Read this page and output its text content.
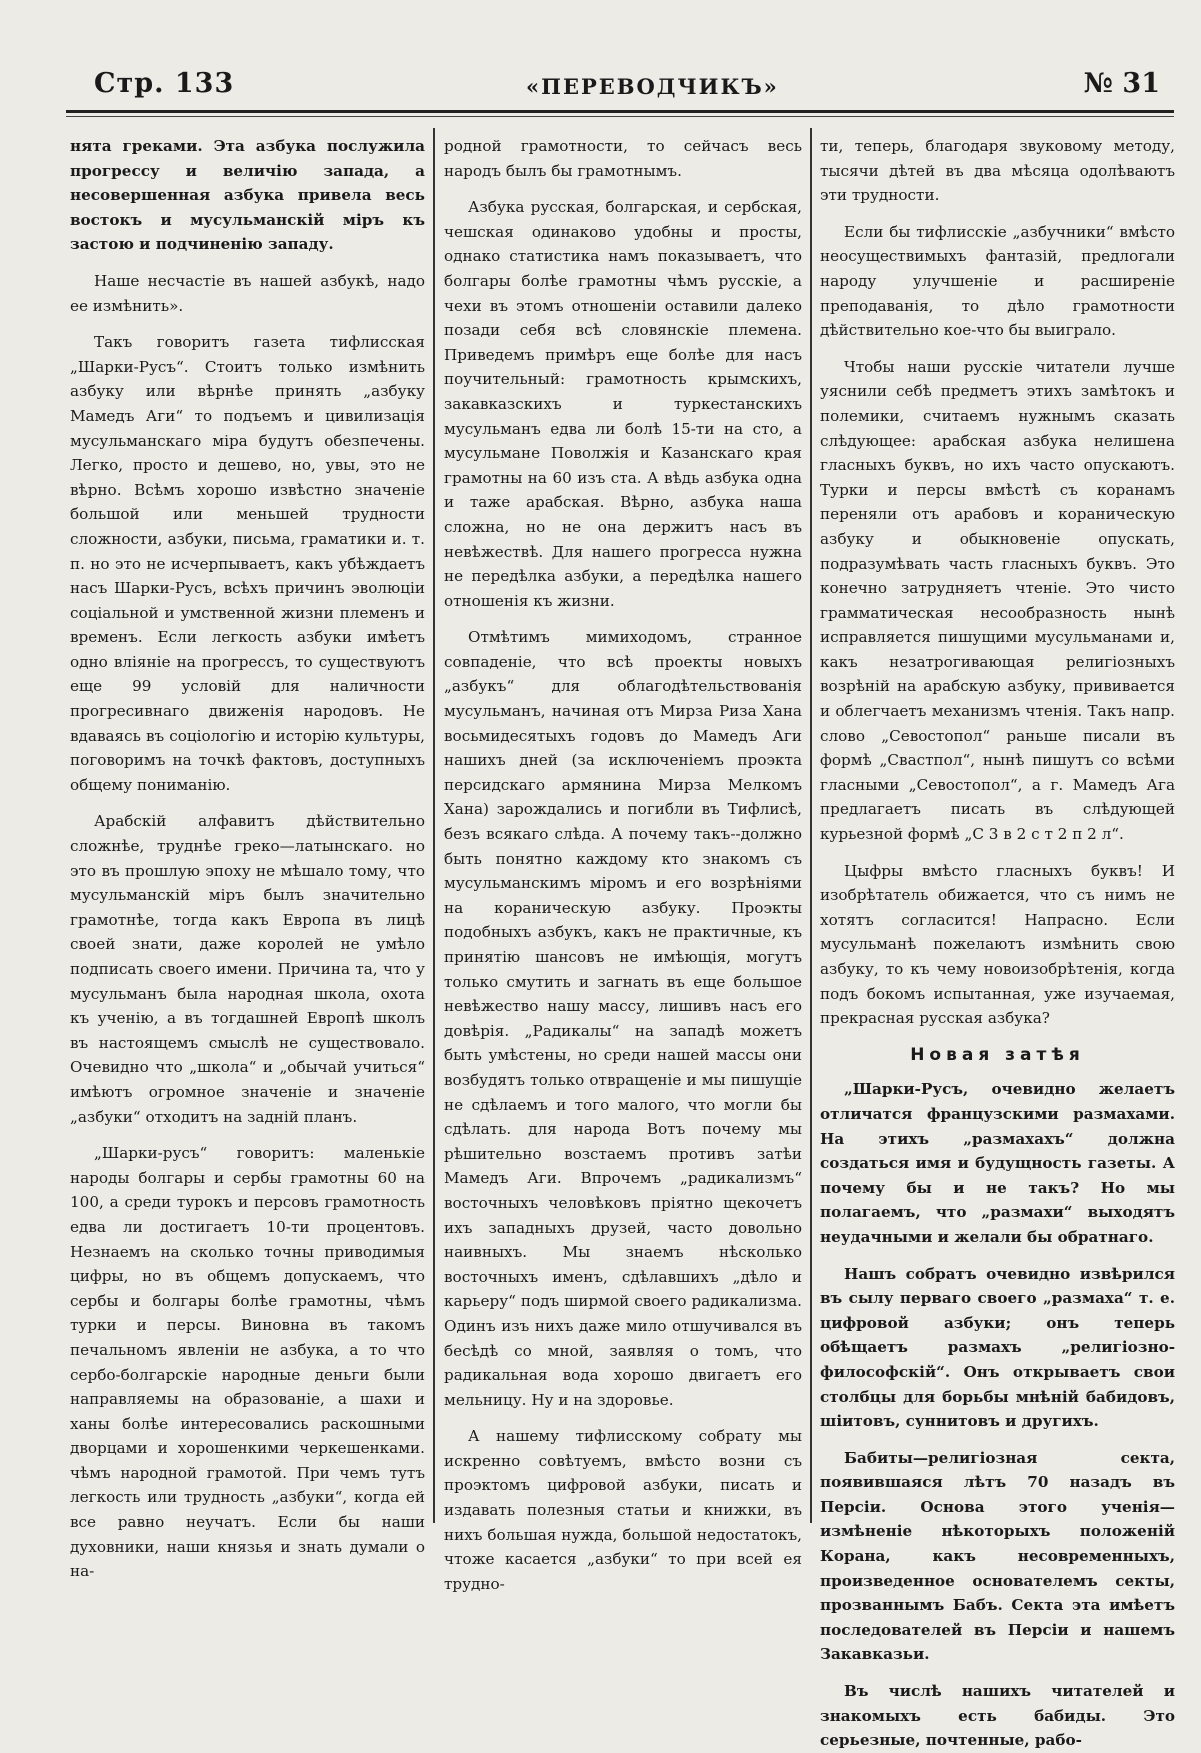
Стр. 133	«ПЕРЕВОДЧИКЪ»	№ 31

нята греками. Эта азбука послужила прогрессу и величію запада, а несовершенная азбука привела весь востокъ и мусульманскій міръ къ застою и подчиненію западу.

Наше несчастіе въ нашей азбукѣ, надо ее измѣнить».

Такъ говоритъ газета тифлисская „Шарки-Русъ“. Стоитъ только измѣнить азбуку или вѣрнѣе принять „азбуку Мамедъ Аги“ то подъемъ и цивилизація мусульманскаго міра будутъ обезпечены. Легко, просто и дешево, но, увы, это не вѣрно. Всѣмъ хорошо извѣстно значеніе большой или меньшей трудности сложности, азбуки, письма, граматики и. т. п. но это не исчерпываетъ, какъ убѣждаетъ насъ Шарки-Русъ, всѣхъ причинъ эволюціи соціальной и умственной жизни племенъ и временъ. Если легкость азбуки имѣетъ одно вліяніе на прогрессъ, то существуютъ еще 99 условій для наличности прогресивнаго движенія народовъ. Не вдаваясь въ соціологію и исторію культуры, поговоримъ на точкѣ фактовъ, доступныхъ общему пониманію.

Арабскій алфавитъ дѣйствительно сложнѣе, труднѣе греко—латынскаго. но это въ прошлую эпоху не мѣшало тому, что мусульманскій міръ былъ значительно грамотнѣе, тогда какъ Европа въ лицѣ своей знати, даже королей не умѣло подписать своего имени. Причина та, что у мусульманъ была народная школа, охота къ ученію, а въ тогдашней Европѣ школъ въ настоящемъ смыслѣ не существовало. Очевидно что „школа“ и „обычай учиться“ имѣютъ огромное значеніе и значеніе „азбуки“ отходитъ на задній планъ.

„Шарки-русъ“ говоритъ: маленькіе народы болгары и сербы грамотны 60 на 100, а среди турокъ и персовъ грамотность едва ли достигаетъ 10-ти процентовъ. Незнаемъ на сколько точны приводимыя цифры, но въ общемъ допускаемъ, что сербы и болгары болѣе грамотны, чѣмъ турки и персы. Виновна въ такомъ печальномъ явленіи не азбука, а то что сербо-болгарскіе народные деньги были направляемы на образованіе, а шахи и ханы болѣе интересовались раскошными дворцами и хорошенкими черкешенками. чѣмъ народной грамотой. При чемъ тутъ легкость или трудность „азбуки“, когда ей все равно неучатъ. Если бы наши духовники, наши князья и знать думали о на-

родной грамотности, то сейчасъ весь народъ былъ бы грамотнымъ.

Азбука русская, болгарская, и сербская, чешская одинаково удобны и просты, однако статистика намъ показываетъ, что болгары болѣе грамотны чѣмъ русскіе, а чехи въ этомъ отношеніи оставили далеко позади себя всѣ словянскіе племена. Приведемъ примѣръ еще болѣе для насъ поучительный: грамотность крымскихъ, закавказскихъ и туркестанскихъ мусульманъ едва ли болѣ 15-ти на сто, а мусульмане Поволжія и Казанскаго края грамотны на 60 изъ ста. А вѣдь азбука одна и таже арабская. Вѣрно, азбука наша сложна, но не она держитъ насъ въ невѣжествѣ. Для нашего прогресса нужна не передѣлка азбуки, а передѣлка нашего отношенія къ жизни.

Отмѣтимъ мимиходомъ, странное совпаденіе, что всѣ проекты новыхъ „азбукъ“ для облагодѣтельствованія мусульманъ, начиная отъ Мирза Риза Хана восьмидесятыхъ годовъ до Мамедъ Аги нашихъ дней (за исключеніемъ проэкта персидскаго армянина Мирза Мелкомъ Хана) зарождались и погибли въ Тифлисѣ, безъ всякаго слѣда. А почему такъ--должно быть понятно каждому кто знакомъ съ мусульманскимъ міромъ и его возрѣніями на кораническую азбуку. Проэкты подобныхъ азбукъ, какъ не практичные, къ принятію шансовъ не имѣющія, могутъ только смутить и загнать въ еще большое невѣжество нашу массу, лишивъ насъ его довѣрія. „Радикалы“ на западѣ можетъ быть умѣстены, но среди нашей массы они возбудятъ только отвращеніе и мы пишущіе не сдѣлаемъ и того малого, что могли бы сдѣлать. для народа Вотъ почему мы рѣшительно возстаемъ противъ затѣи Мамедъ Аги. Впрочемъ „радикализмъ“ восточныхъ человѣковъ пріятно щекочетъ ихъ западныхъ друзей, часто довольно наивныхъ. Мы знаемъ нѣсколько восточныхъ именъ, сдѣлавшихъ „дѣло и карьеру“ подъ ширмой своего радикализма. Одинъ изъ нихъ даже мило отшучивался въ бесѣдѣ со мной, заявляя о томъ, что радикальная вода хорошо двигаетъ его мельницу. Ну и на здоровье.

А нашему тифлисскому собрату мы искренно совѣтуемъ, вмѣсто возни съ проэктомъ цифровой азбуки, писать и издавать полезныя статьи и книжки, въ нихъ большая нужда, большой недостатокъ, чтоже касается „азбуки“ то при всей ея трудно-

ти, теперь, благодаря звуковому методу, тысячи дѣтей въ два мѣсяца одолѣваютъ эти трудности.

Если бы тифлисскіе „азбучники“ вмѣсто неосуществимыхъ фантазій, предлогали народу улучшеніе и расширеніе преподаванія, то дѣло грамотности дѣйствительно кое-что бы выиграло.

Чтобы наши русскіе читатели лучше уяснили себѣ предметъ этихъ замѣтокъ и полемики, считаемъ нужнымъ сказать слѣдующее: арабская азбука нелишена гласныхъ буквъ, но ихъ часто опускаютъ. Турки и персы вмѣстѣ съ коранамъ переняли отъ арабовъ и кораническую азбуку и обыкновеніе опускать, подразумѣвать часть гласныхъ буквъ. Это конечно затрудняетъ чтеніе. Это чисто грамматическая несообразность нынѣ исправляется пишущими мусульманами и, какъ незатрогивающая религіозныхъ возрѣній на арабскую азбуку, прививается и облегчаетъ механизмъ чтенія. Такъ напр. слово „Севостопол“ раньше писали въ формѣ „Свастпол“, нынѣ пишутъ со всѣми гласными „Севостопол“, а г. Мамедъ Ага предлагаетъ писать въ слѣдующей курьезной формѣ „С 3 в 2 с т 2 п 2 л“.

Цыфры вмѣсто гласныхъ буквъ! И изобрѣтатель обижается, что съ нимъ не хотятъ согласится! Напрасно. Если мусульманѣ пожелаютъ измѣнить свою азбуку, то къ чему новоизобрѣтенія, когда подъ бокомъ испытанная, уже изучаемая, прекрасная русская азбука?

Новая затѣя

„Шарки-Русъ, очевидно желаетъ отличатся французскими размахами. На этихъ „размахахъ“ должна создаться имя и будущность газеты. А почему бы и не такъ? Но мы полагаемъ, что „размахи“ выходятъ неудачными и желали бы обратнаго.

Нашъ собратъ очевидно извѣрился въ сылу перваго своего „размаха“ т. е. цифровой азбуки; онъ теперь обѣщаетъ размахъ „религіозно-философскій“. Онъ открываетъ свои столбцы для борьбы мнѣній бабидовъ, шіитовъ, суннитовъ и другихъ.

Бабиты—религіозная секта, появившаяся лѣтъ 70 назадъ въ Персіи. Основа этого ученія—измѣненіе нѣкоторыхъ положеній Корана, какъ несовременныхъ, произведенное основателемъ секты, прозваннымъ Бабъ. Секта эта имѣетъ последователей въ Персіи и нашемъ Закавказьи.

Въ числѣ нашихъ читателей и знакомыхъ есть бабиды. Это серьезные, почтенные, рабо-
